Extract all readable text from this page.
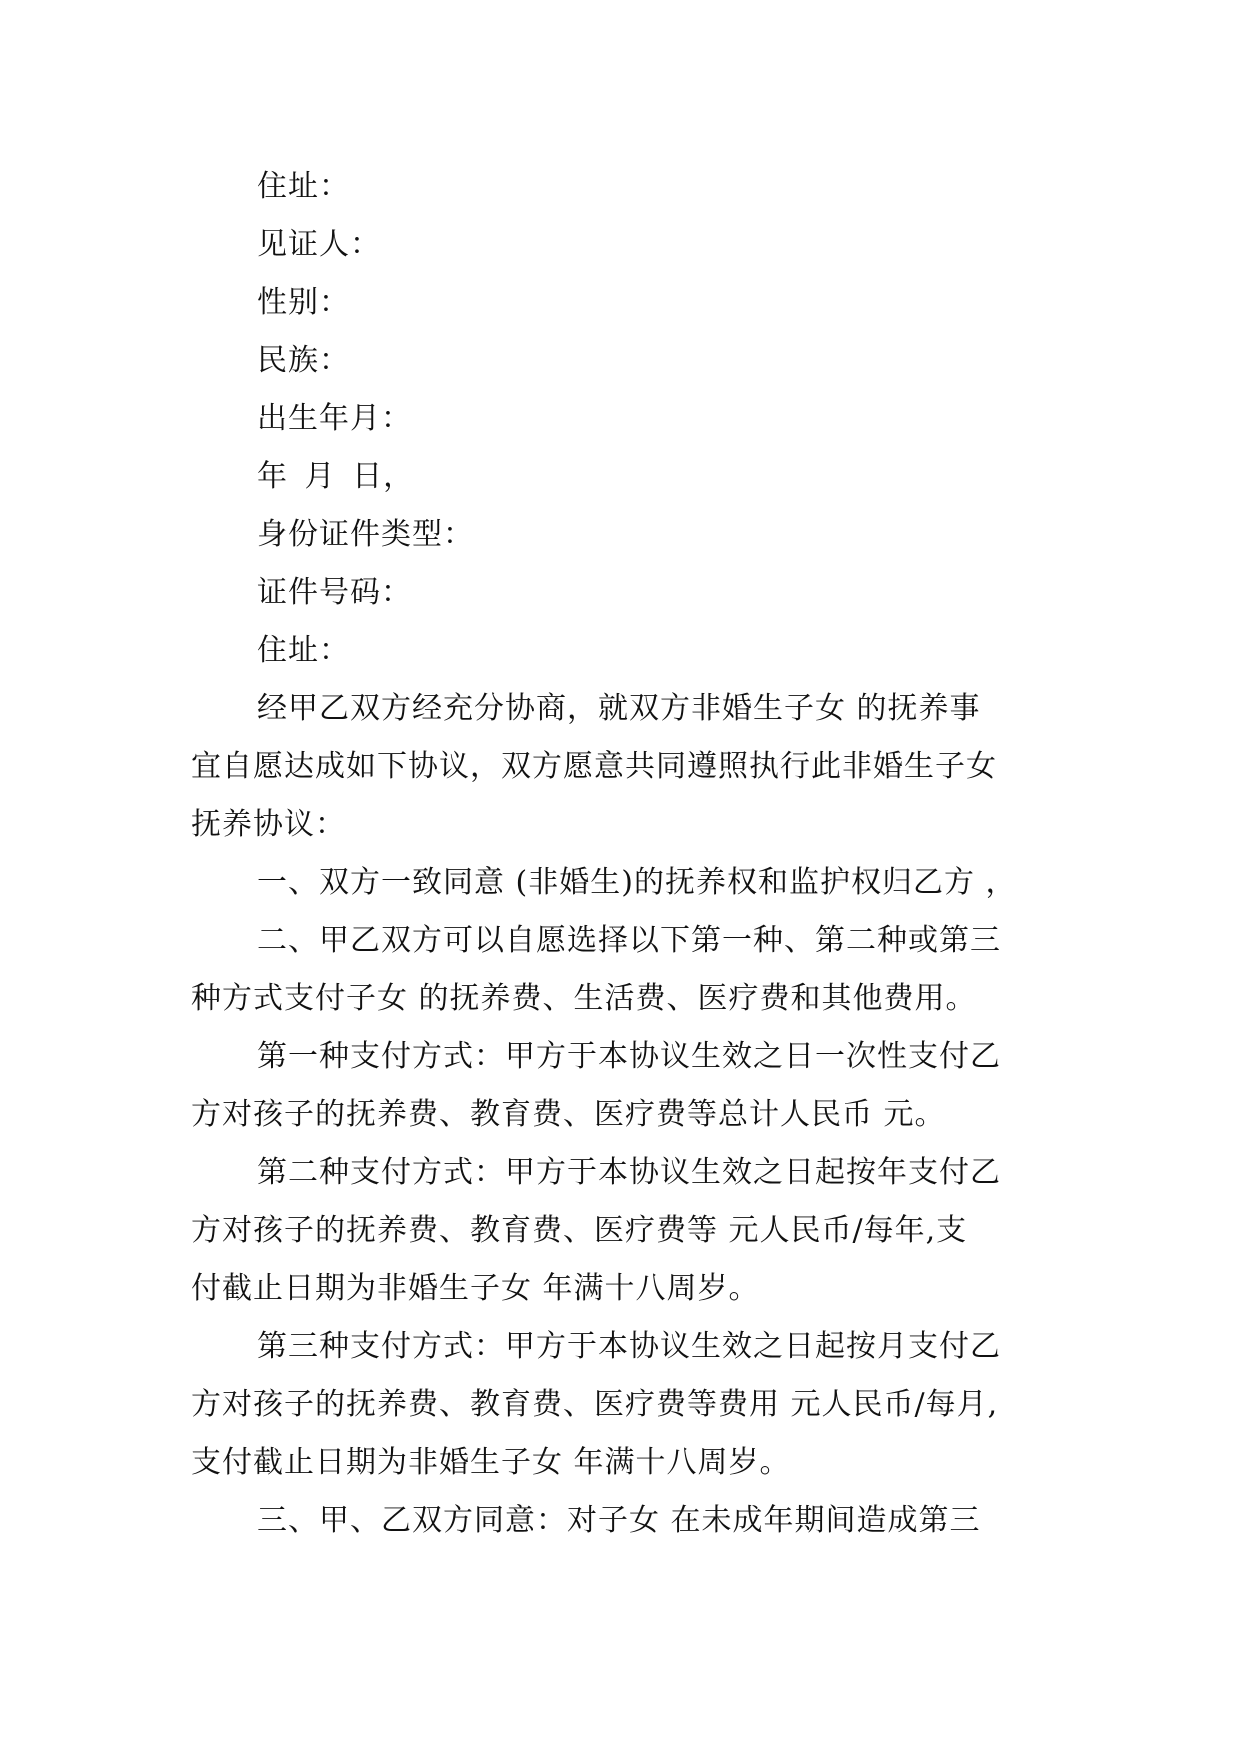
住址：
见证人：
性别：
民族：
出生年月：
年 月 日，
身份证件类型：
证件号码：
住址：
经甲乙双方经充分协商，就双方非婚生子女 的抚养事
宜自愿达成如下协议，双方愿意共同遵照执行此非婚生子女
抚养协议：
一、双方一致同意 (非婚生)的抚养权和监护权归乙方 ，
二、甲乙双方可以自愿选择以下第一种、第二种或第三
种方式支付子女 的抚养费、生活费、医疗费和其他费用。
第一种支付方式：甲方于本协议生效之日一次性支付乙
方对孩子的抚养费、教育费、医疗费等总计人民币 元。
第二种支付方式：甲方于本协议生效之日起按年支付乙
方对孩子的抚养费、教育费、医疗费等 元人民币/每年,支
付截止日期为非婚生子女 年满十八周岁。
第三种支付方式：甲方于本协议生效之日起按月支付乙
方对孩子的抚养费、教育费、医疗费等费用 元人民币/每月,
支付截止日期为非婚生子女 年满十八周岁。
三、甲、乙双方同意：对子女 在未成年期间造成第三
